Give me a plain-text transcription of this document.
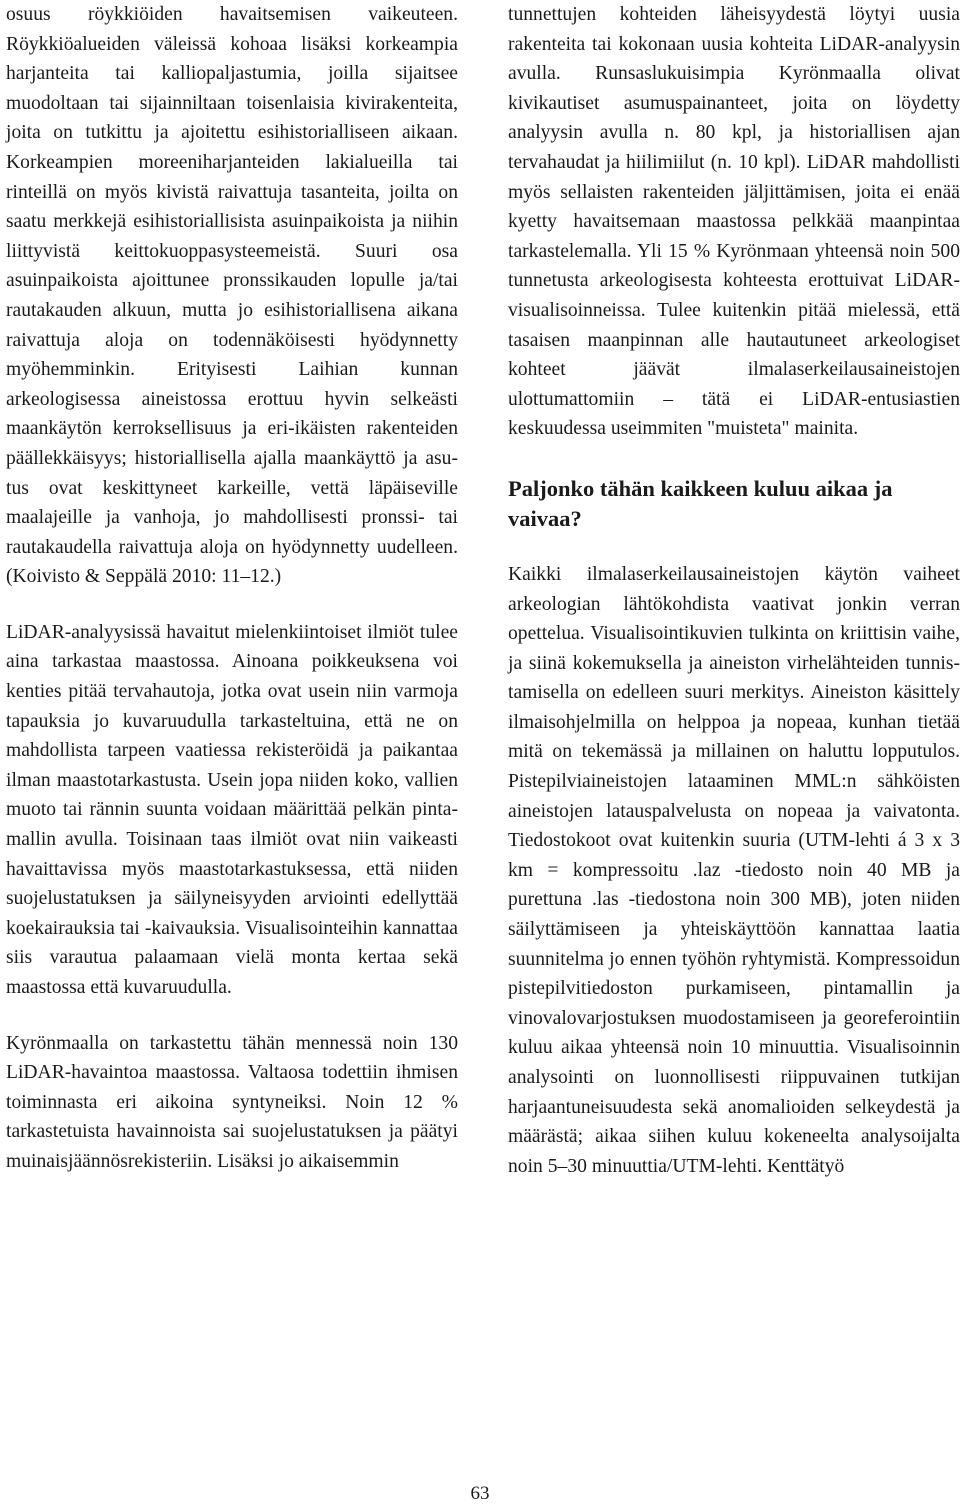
osuus röykkiöiden havaitsemisen vaikeuteen. Röykkiöalueiden väleissä kohoaa lisäksi korkeampia harjanteita tai kalliopaljastumia, joilla sijaitsee muodoltaan tai sijainniltaan toisenlaisia kivirakenteita, joita on tutkittu ja ajoitettu esihistorialliseen aikaan. Korkeampien moreeniharjanteiden lakialueilla tai rinteillä on myös kivistä raivattuja tasanteita, joilta on saatu merkkejä esihistoriallisista asuinpaikoista ja niihin liittyvistä keittokuoppasysteemeistä. Suuri osa asuinpaikoista ajoittunee pronssikauden lopulle ja/tai rautakauden alkuun, mutta jo esihistoriallisena aikana raivattuja aloja on todennäköisesti hyödynnetty myöhemminkin. Erityisesti Laihian kunnan arkeologisessa aineistossa erottuu hyvin selkeästi maankäytön kerroksellisuus ja eri-ikäisten rakenteiden päällekkäisyys; historiallisella ajalla maankäyttö ja asutus ovat keskittyneet karkeille, vettä läpäiseville maalajeille ja vanhoja, jo mahdollisesti pronssi- tai rautakaudella raivattuja aloja on hyödynnetty uudelleen. (Koivisto & Seppälä 2010: 11–12.)

LiDAR-analyysissä havaitut mielenkiintoiset ilmiöt tulee aina tarkastaa maastossa. Ainoana poikkeuksena voi kenties pitää tervahautoja, jotka ovat usein niin varmoja tapauksia jo kuvaruudulla tarkasteltuina, että ne on mahdollista tarpeen vaatiessa rekisteröidä ja paikantaa ilman maastotarkastusta. Usein jopa niiden koko, vallien muoto tai rännin suunta voidaan määrittää pelkän pintamallin avulla. Toisinaan taas ilmiöt ovat niin vaikeasti havaittavissa myös maastotarkastuksessa, että niiden suojelustatuksen ja säilyneisyyden arviointi edellyttää koekairauksia tai -kaivauksia. Visualisointeihin kannattaa siis varautua palaamaan vielä monta kertaa sekä maastossa että kuvaruudulla.

Kyrönmaalla on tarkastettu tähän mennessä noin 130 LiDAR-havaintoa maastossa. Valtaosa todettiin ihmisen toiminnasta eri aikoina syntyneiksi. Noin 12 % tarkastetuista havainnoista sai suojelustatuksen ja päätyi muinaisjäännösrekisteriin. Lisäksi jo aikaisemmin

tunnettujen kohteiden läheisyydestä löytyi uusia rakenteita tai kokonaan uusia kohteita LiDAR-analyysin avulla. Runsaslukuisimpia Kyrönmaalla olivat kivikautiset asumuspainanteet, joita on löydetty analyysin avulla n. 80 kpl, ja historiallisen ajan tervahaudat ja hiilimiilut (n. 10 kpl). LiDAR mahdollisti myös sellaisten rakenteiden jäljittämisen, joita ei enää kyetty havaitsemaan maastossa pelkkää maanpintaa tarkastelemalla. Yli 15 % Kyrönmaan yhteensä noin 500 tunnetusta arkeologisesta kohteesta erottuivat LiDAR-visualisoinneissa. Tulee kuitenkin pitää mielessä, että tasaisen maanpinnan alle hautautuneet arkeologiset kohteet jäävät ilmalaserkeilausaineistojen ulottumattomiin – tätä ei LiDAR-entusiastien keskuudessa useimmiten "muisteta" mainita.

Paljonko tähän kaikkeen kuluu aikaa ja vaivaa?

Kaikki ilmalaserkeilausaineistojen käytön vaiheet arkeologian lähtökohdista vaativat jonkin verran opettelua. Visualisointikuvien tulkinta on kriittisin vaihe, ja siinä kokemuksella ja aineiston virhelähteiden tunnistamisella on edelleen suuri merkitys. Aineiston käsittely ilmaisohjelmilla on helppoa ja nopeaa, kunhan tietää mitä on tekemässä ja millainen on haluttu lopputulos. Pistepilviaineistojen lataaminen MML:n sähköisten aineistojen latauspalvelusta on nopeaa ja vaivatonta. Tiedostokoot ovat kuitenkin suuria (UTM-lehti á 3 x 3 km = kompressoitu .laz -tiedosto noin 40 MB ja purettuna .las -tiedostona noin 300 MB), joten niiden säilyttämiseen ja yhteiskäyttöön kannattaa laatia suunnitelma jo ennen työhön ryhtymistä. Kompressoidun pistepilvitiedoston purkamiseen, pintamallin ja vinovalovarjostuksen muodostamiseen ja georeferointiin kuluu aikaa yhteensä noin 10 minuuttia. Visualisoinnin analysointi on luonnollisesti riippuvainen tutkijan harjaantuneisuudesta sekä anomalioiden selkeydestä ja määrästä; aikaa siihen kuluu kokeneelta analysoijalta noin 5–30 minuuttia/UTM-lehti. Kenttätyö

63
